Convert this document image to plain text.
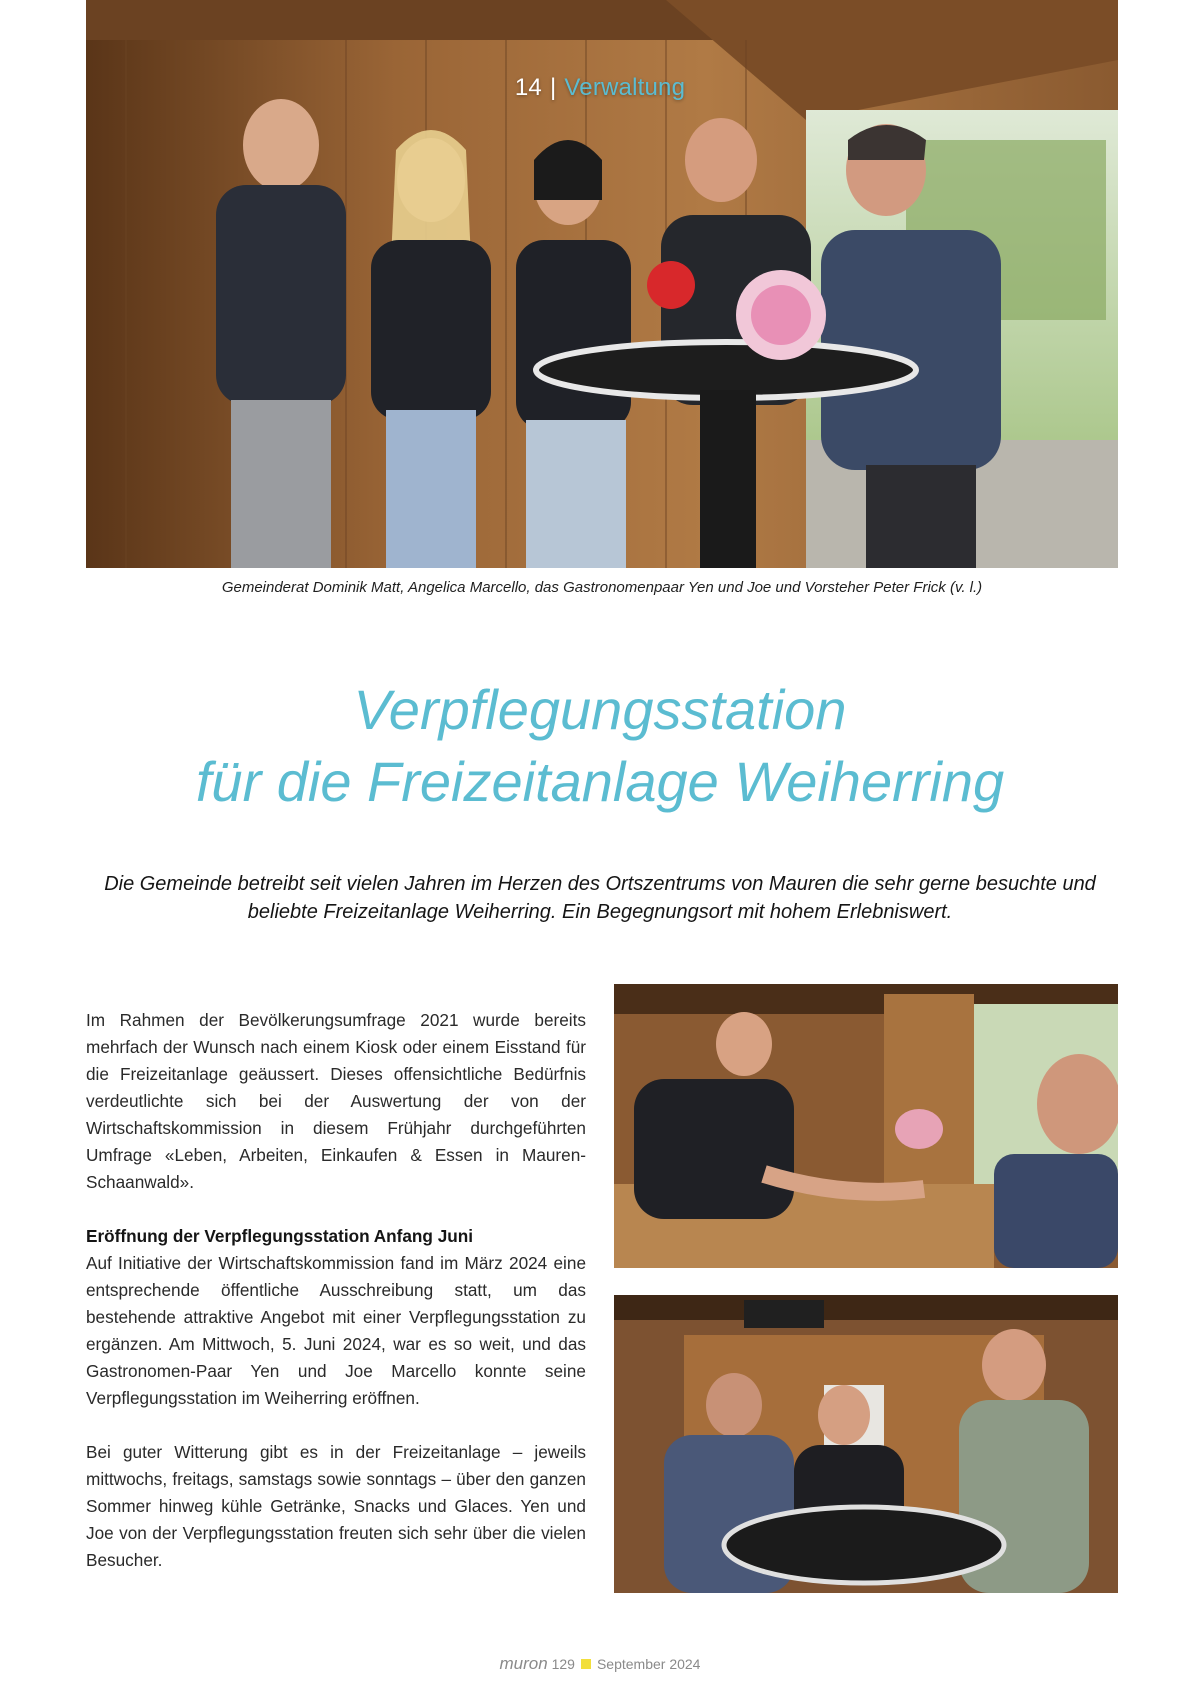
14 | Verwaltung
Gemeinderat Dominik Matt, Angelica Marcello, das Gastronomenpaar Yen und Joe und Vorsteher Peter Frick (v. l.)
Verpflegungsstation
für die Freizeitanlage Weiherring

Die Gemeinde betreibt seit vielen Jahren im Herzen des Ortszentrums von Mauren die sehr gerne besuchte und beliebte Freizeitanlage Weiherring. Ein Begegnungsort mit hohem Erlebniswert.

Im Rahmen der Bevölkerungsumfrage 2021 wurde bereits mehrfach der Wunsch nach einem Kiosk oder einem Eisstand für die Freizeitanlage geäussert. Dieses offensichtliche Bedürfnis verdeutlichte sich bei der Auswertung der von der Wirtschaftskommission in diesem Frühjahr durchgeführten Umfrage «Leben, Arbeiten, Einkaufen & Essen in Mauren-Schaanwald».

Eröffnung der Verpflegungsstation Anfang Juni

Auf Initiative der Wirtschaftskommission fand im März 2024 eine entsprechende öffentliche Ausschreibung statt, um das bestehende attraktive Angebot mit einer Verpflegungsstation zu ergänzen. Am Mittwoch, 5. Juni 2024, war es so weit, und das Gastronomen-Paar Yen und Joe Marcello konnte seine Verpflegungsstation im Weiherring eröffnen.

Bei guter Witterung gibt es in der Freizeitanlage – jeweils mittwochs, freitags, samstags sowie sonntags – über den ganzen Sommer hinweg kühle Getränke, Snacks und Glaces. Yen und Joe von der Verpflegungsstation freuten sich sehr über die vielen Besucher.

muron 129 September 2024
